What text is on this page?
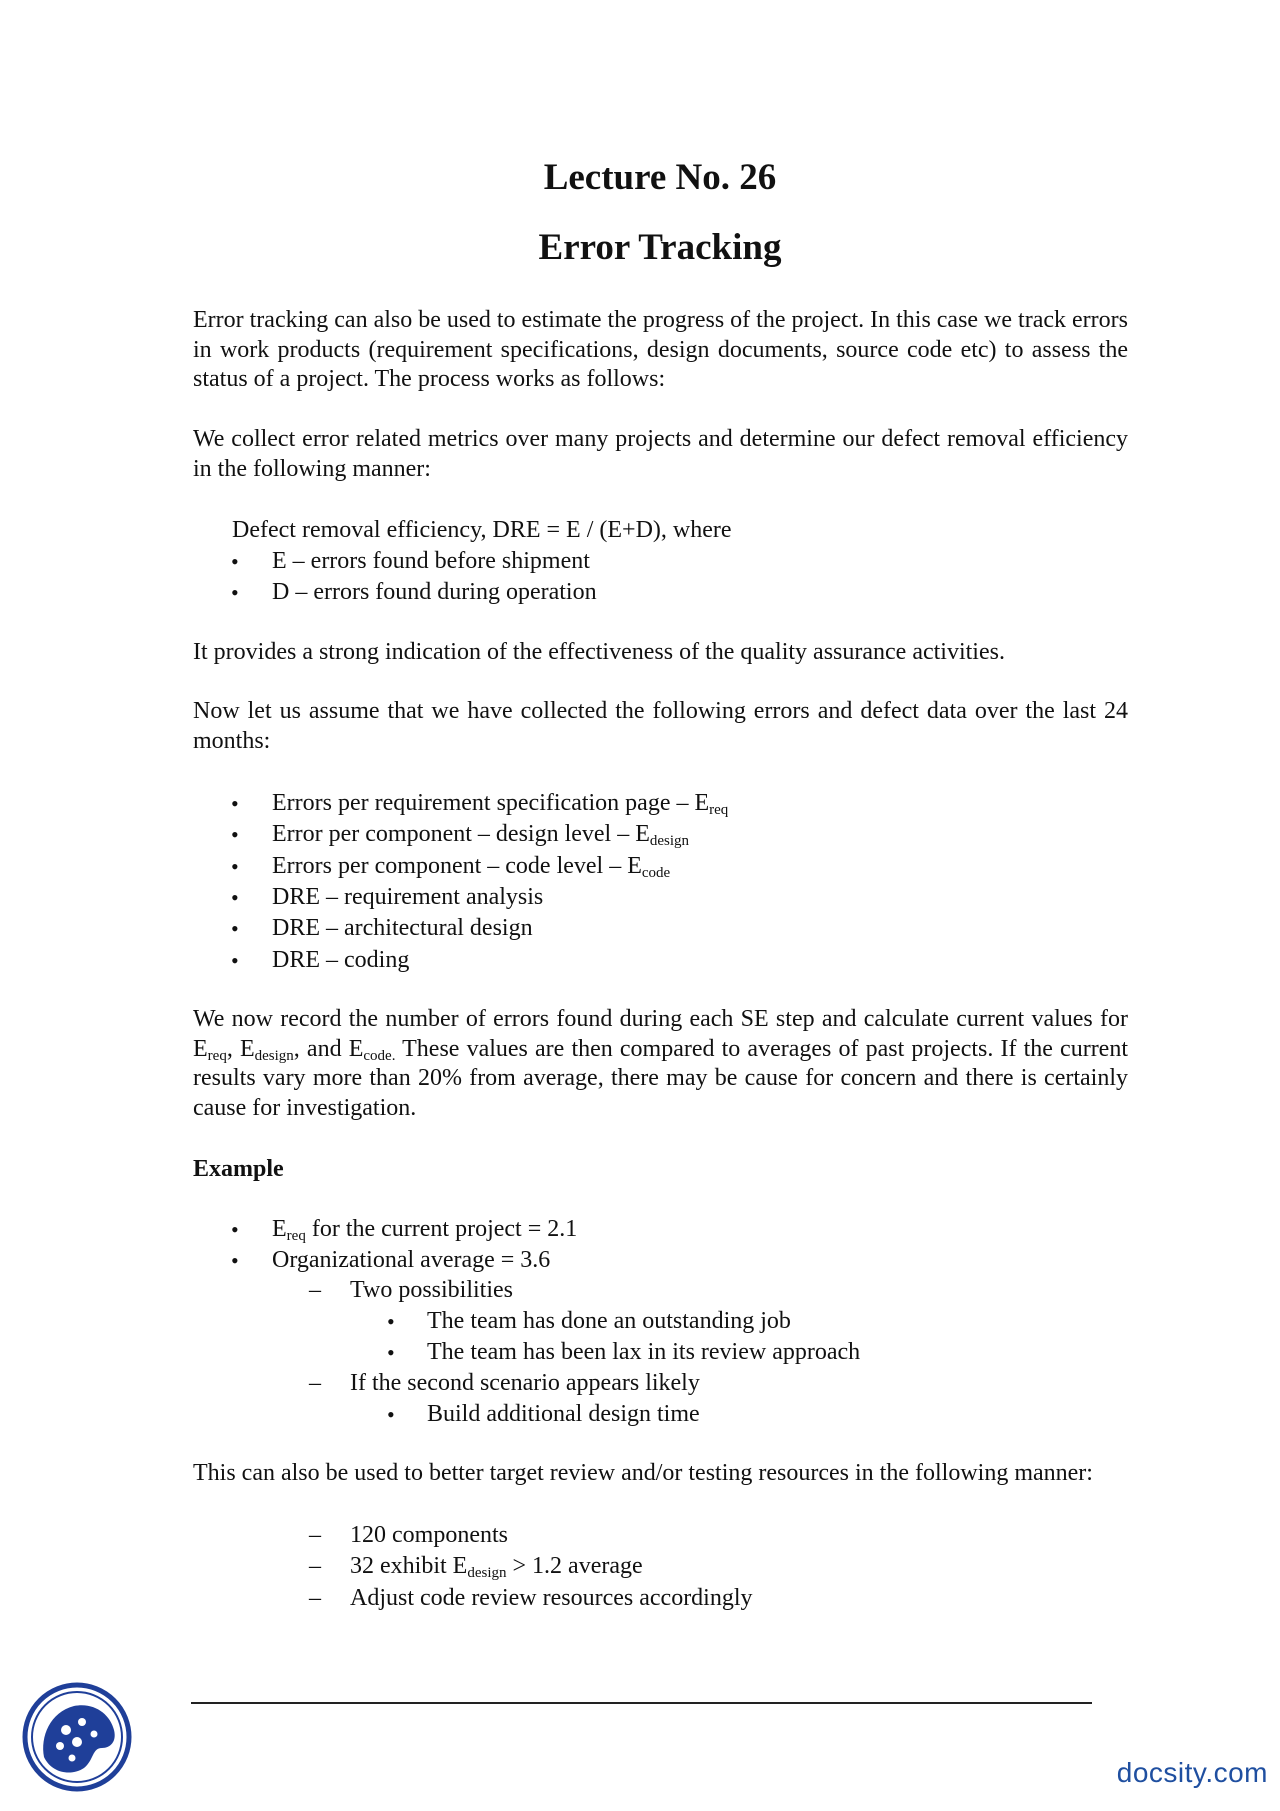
Lecture No. 26
Error Tracking

Error tracking can also be used to estimate the progress of the project. In this case we track errors in work products (requirement specifications, design documents, source code etc) to assess the status of a project. The process works as follows:

We collect error related metrics over many projects and determine our defect removal efficiency in the following manner:

Defect removal efficiency, DRE = E / (E+D), where

• E – errors found before shipment

• D – errors found during operation

It provides a strong indication of the effectiveness of the quality assurance activities.

Now let us assume that we have collected the following errors and defect data over the last 24 months:

• Errors per requirement specification page – $E_{req}$

• Error per component – design level – $E_{design}$

• Errors per component – code level – $E_{code}$

• DRE – requirement analysis

• DRE – architectural design

• DRE – coding

We now record the number of errors found during each SE step and calculate current values for $E_{req}$, $E_{design}$, and $E_{code.}$ These values are then compared to averages of past projects. If the current results vary more than 20% from average, there may be cause for concern and there is certainly cause for investigation.

Example

• $E_{req}$ for the current project = 2.1

• Organizational average = 3.6

– Two possibilities

• The team has done an outstanding job

• The team has been lax in its review approach

– If the second scenario appears likely

• Build additional design time

This can also be used to better target review and/or testing resources in the following manner:

– 120 components

– 32 exhibit $E_{design} > 1.2$ average

– Adjust code review resources accordingly

docsity.com
